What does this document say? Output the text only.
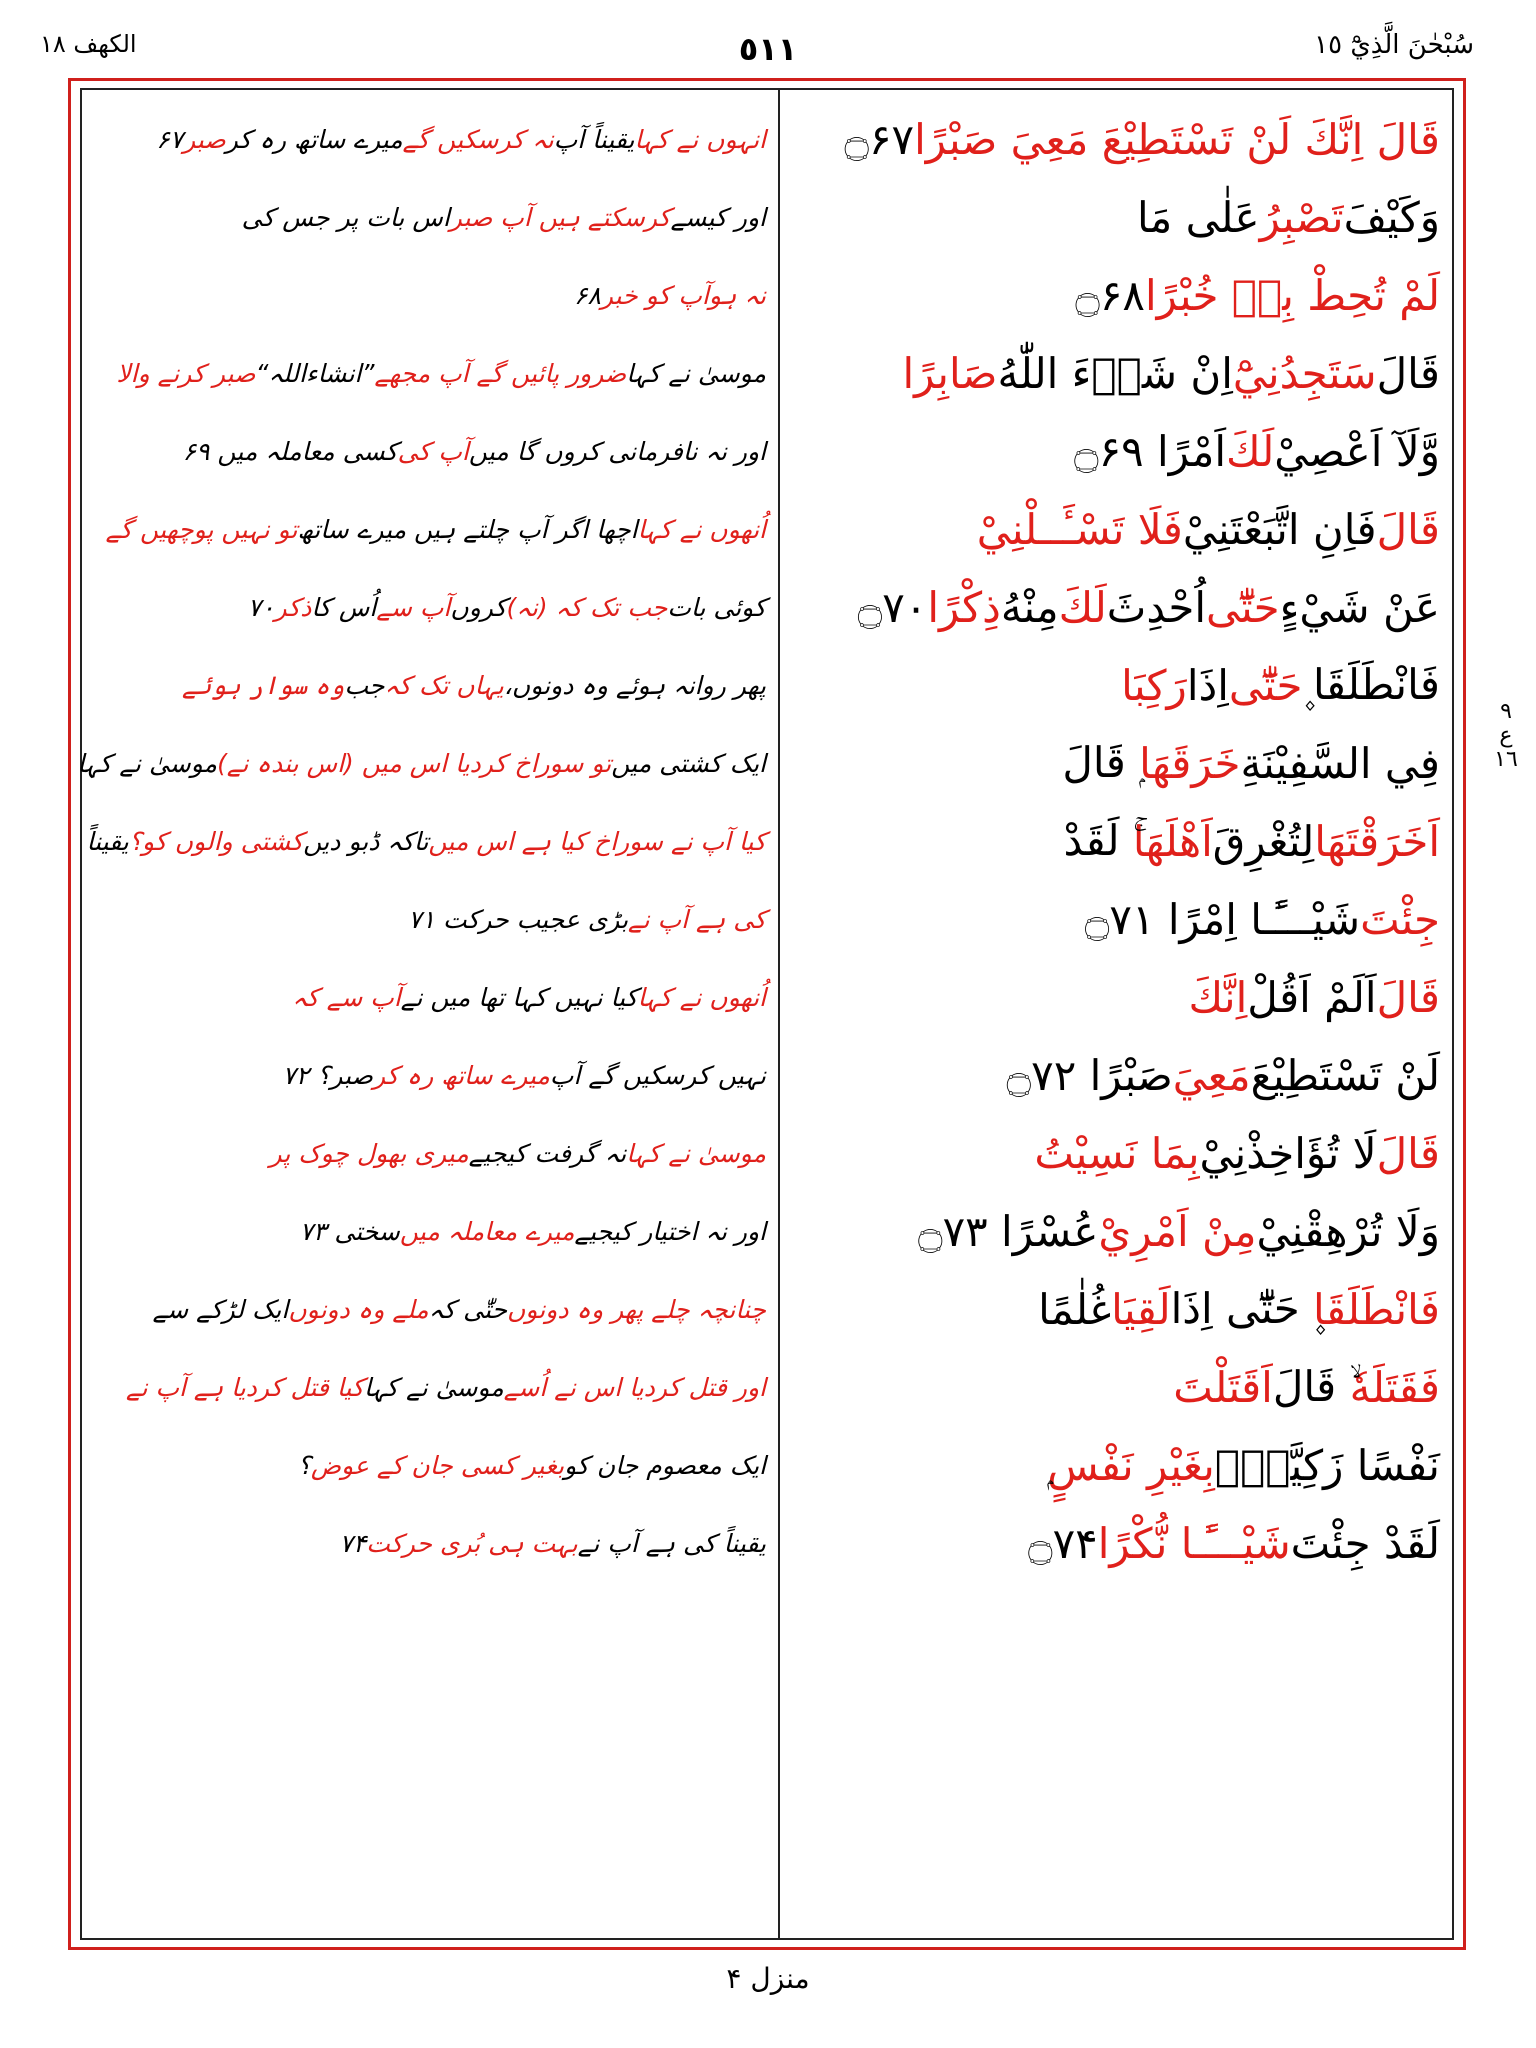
سُبْحٰنَ الَّذِيْٓ ١٥
٥١١
الكهف ١٨
٩
ع
١٦
قَالَ اِنَّكَ لَنْ تَسْتَطِيْعَ مَعِيَ صَبْرًا
۝۶۷
وَكَيْفَ
تَصْبِرُ
عَلٰى مَا
لَمْ تُحِطْ بِهٖ خُبْرًا
۝۶۸
قَالَ
سَتَجِدُنِيْٓ
اِنْ شَاۗءَ اللّٰهُ
صَابِرًا
وَّلَآ اَعْصِيْ
لَكَ
اَمْرًا ۝۶۹
قَالَ
فَاِنِ اتَّبَعْتَنِيْ
فَلَا تَسْـَٔــلْنِيْ
عَنْ شَيْءٍ
حَتّٰٓى
اُحْدِثَ
لَكَ
مِنْهُ
ذِكْرًا
۝۷۰
فَانْطَلَقَا ۪
حَتّٰٓى
اِذَا
رَكِبَا
فِي السَّفِيْنَةِ
خَرَقَهَا
ۭ قَالَ
اَخَرَقْتَهَا
لِتُغْرِقَ
اَهْلَهَا
ۚ لَقَدْ
جِئْتَ
شَيْـــًٔـا اِمْرًا ۝۷۱
قَالَ
اَلَمْ اَقُلْ
اِنَّكَ
لَنْ تَسْتَطِيْعَ
مَعِيَ
صَبْرًا ۝۷۲
قَالَ
لَا تُؤَاخِذْنِيْ
بِمَا نَسِيْتُ
وَلَا تُرْهِقْنِيْ
مِنْ اَمْرِيْ
عُسْرًا ۝۷۳
فَانْطَلَقَا
۪ حَتّٰٓى اِذَا
لَقِيَا
غُلٰمًا
فَقَتَلَهٗ
ۙ قَالَ
اَقَتَلْتَ
نَفْسًا زَكِيَّةًۢ
بِغَيْرِ نَفْسٍ
لَقَدْ جِئْتَ
شَيْـــًٔـا نُّكْرًا
۝۷۴
انہوں نے کہا
یقیناً آپ
نہ کرسکیں گے
میرے ساتھ رہ کر
صبر
۶۷
اور کیسے
کرسکتے ہیں آپ صبر
اس بات پر جس کی
نہ ہوآپ کو خبر
۶۸
موسیٰ نے کہا
ضرور پائیں گے آپ مجھے
”انشاءاللہ“
صبر کرنے والا
اور نہ نافرمانی کروں گا میں
آپ کی
کسی معاملہ میں ۶۹
اُنھوں نے کہا
اچھا اگر آپ چلتے ہیں میرے ساتھ
تو نہیں پوچھیں گے
کوئی بات
جب تک کہ (نہ)
کروں
آپ سے
اُس کا
ذکر
۷۰
پھر روانہ ہوئے وہ دونوں،
یہاں تک کہ
جب
وہ سوار ہوئے
ایک کشتی میں
تو سوراخ کردیا اس میں (اس بندہ نے)
موسیٰ نے کہا
کیا آپ نے سوراخ کیا ہے اس میں
تاکہ ڈبو دیں
کشتی والوں کو؟
یقیناً
کی ہے آپ نے
بڑی عجیب حرکت ۷۱
اُنھوں نے کہا
کیا نہیں کہا تھا میں نے
آپ سے کہ
نہیں کرسکیں گے آپ
میرے ساتھ رہ کر
صبر؟ ۷۲
موسیٰ نے کہا
نہ گرفت کیجیے
میری بھول چوک پر
اور نہ اختیار کیجیے
میرے معاملہ میں
سختی ۷۳
چنانچہ چلے پھر وہ دونوں
حتّٰی کہ
ملے وہ دونوں
ایک لڑکے سے
اور قتل کردیا اس نے اُسے
موسیٰ نے کہا
کیا قتل کردیا ہے آپ نے
ایک معصوم جان کو
بغیر کسی جان کے عوض
؟
یقیناً کی ہے آپ نے
بہت ہی بُری حرکت
۷۴
منزل ۴
